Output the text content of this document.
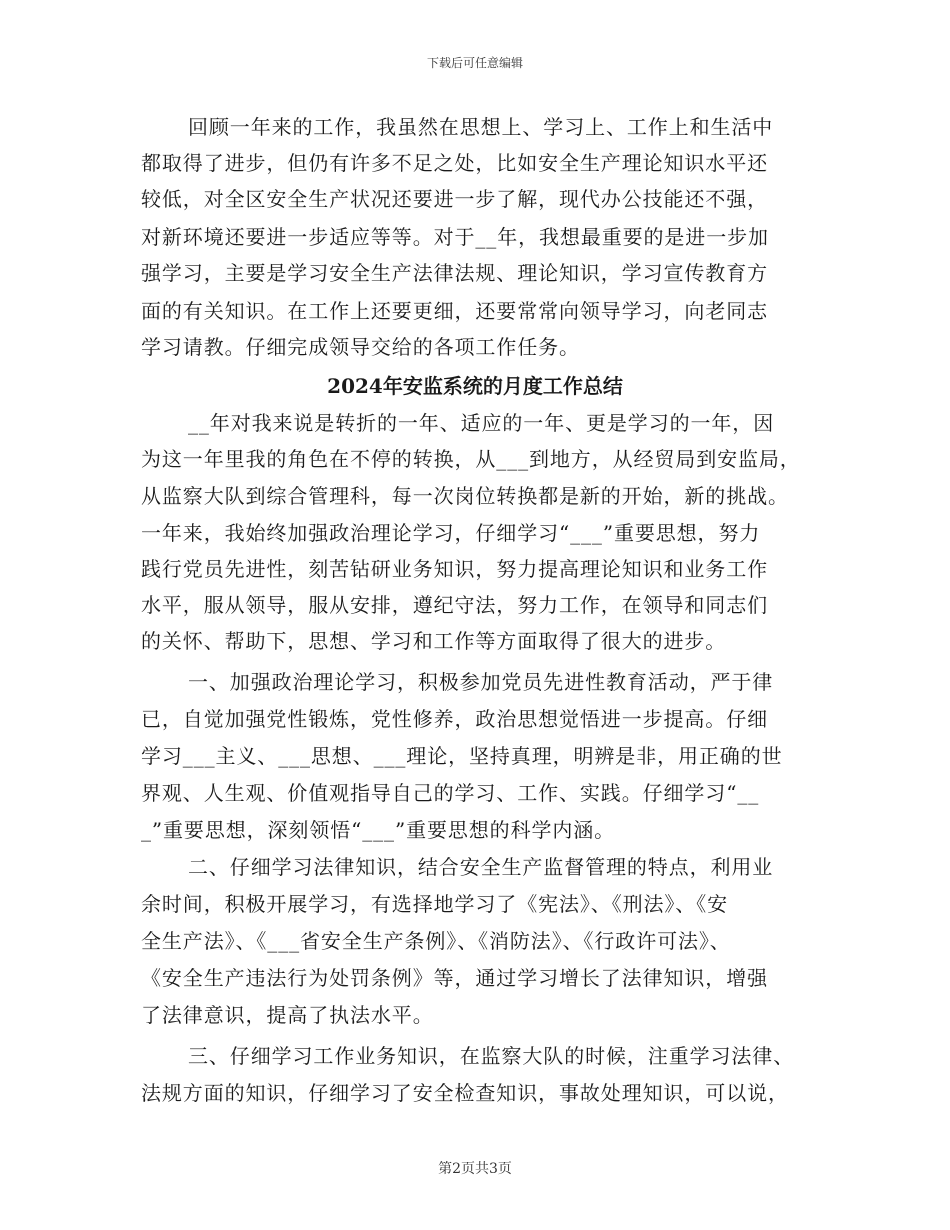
下载后可任意编辑
回顾一年来的工作，我虽然在思想上、学习上、工作上和生活中
都取得了进步，但仍有许多不足之处，比如安全生产理论知识水平还
较低，对全区安全生产状况还要进一步了解，现代办公技能还不强，
对新环境还要进一步适应等等。对于__年，我想最重要的是进一步加
强学习，主要是学习安全生产法律法规、理论知识，学习宣传教育方
面的有关知识。在工作上还要更细，还要常常向领导学习，向老同志
学习请教。仔细完成领导交给的各项工作任务。
2024年安监系统的月度工作总结
__年对我来说是转折的一年、适应的一年、更是学习的一年，因
为这一年里我的角色在不停的转换，从___到地方，从经贸局到安监局，
从监察大队到综合管理科，每一次岗位转换都是新的开始，新的挑战。
一年来，我始终加强政治理论学习，仔细学习“___”重要思想，努力
践行党员先进性，刻苦钻研业务知识，努力提高理论知识和业务工作
水平，服从领导，服从安排，遵纪守法，努力工作，在领导和同志们
的关怀、帮助下，思想、学习和工作等方面取得了很大的进步。
一、加强政治理论学习，积极参加党员先进性教育活动，严于律
已，自觉加强党性锻炼，党性修养，政治思想觉悟进一步提高。仔细
学习___主义、___思想、___理论，坚持真理，明辨是非，用正确的世
界观、人生观、价值观指导自己的学习、工作、实践。仔细学习“__
_”重要思想，深刻领悟“___”重要思想的科学内涵。
二、仔细学习法律知识，结合安全生产监督管理的特点，利用业
余时间，积极开展学习，有选择地学习了《宪法》、《刑法》、《安
全生产法》、《___省安全生产条例》、《消防法》、《行政许可法》、
《安全生产违法行为处罚条例》等，通过学习增长了法律知识，增强
了法律意识，提高了执法水平。
三、仔细学习工作业务知识，在监察大队的时候，注重学习法律、
法规方面的知识，仔细学习了安全检查知识，事故处理知识，可以说，
第2页共3页
